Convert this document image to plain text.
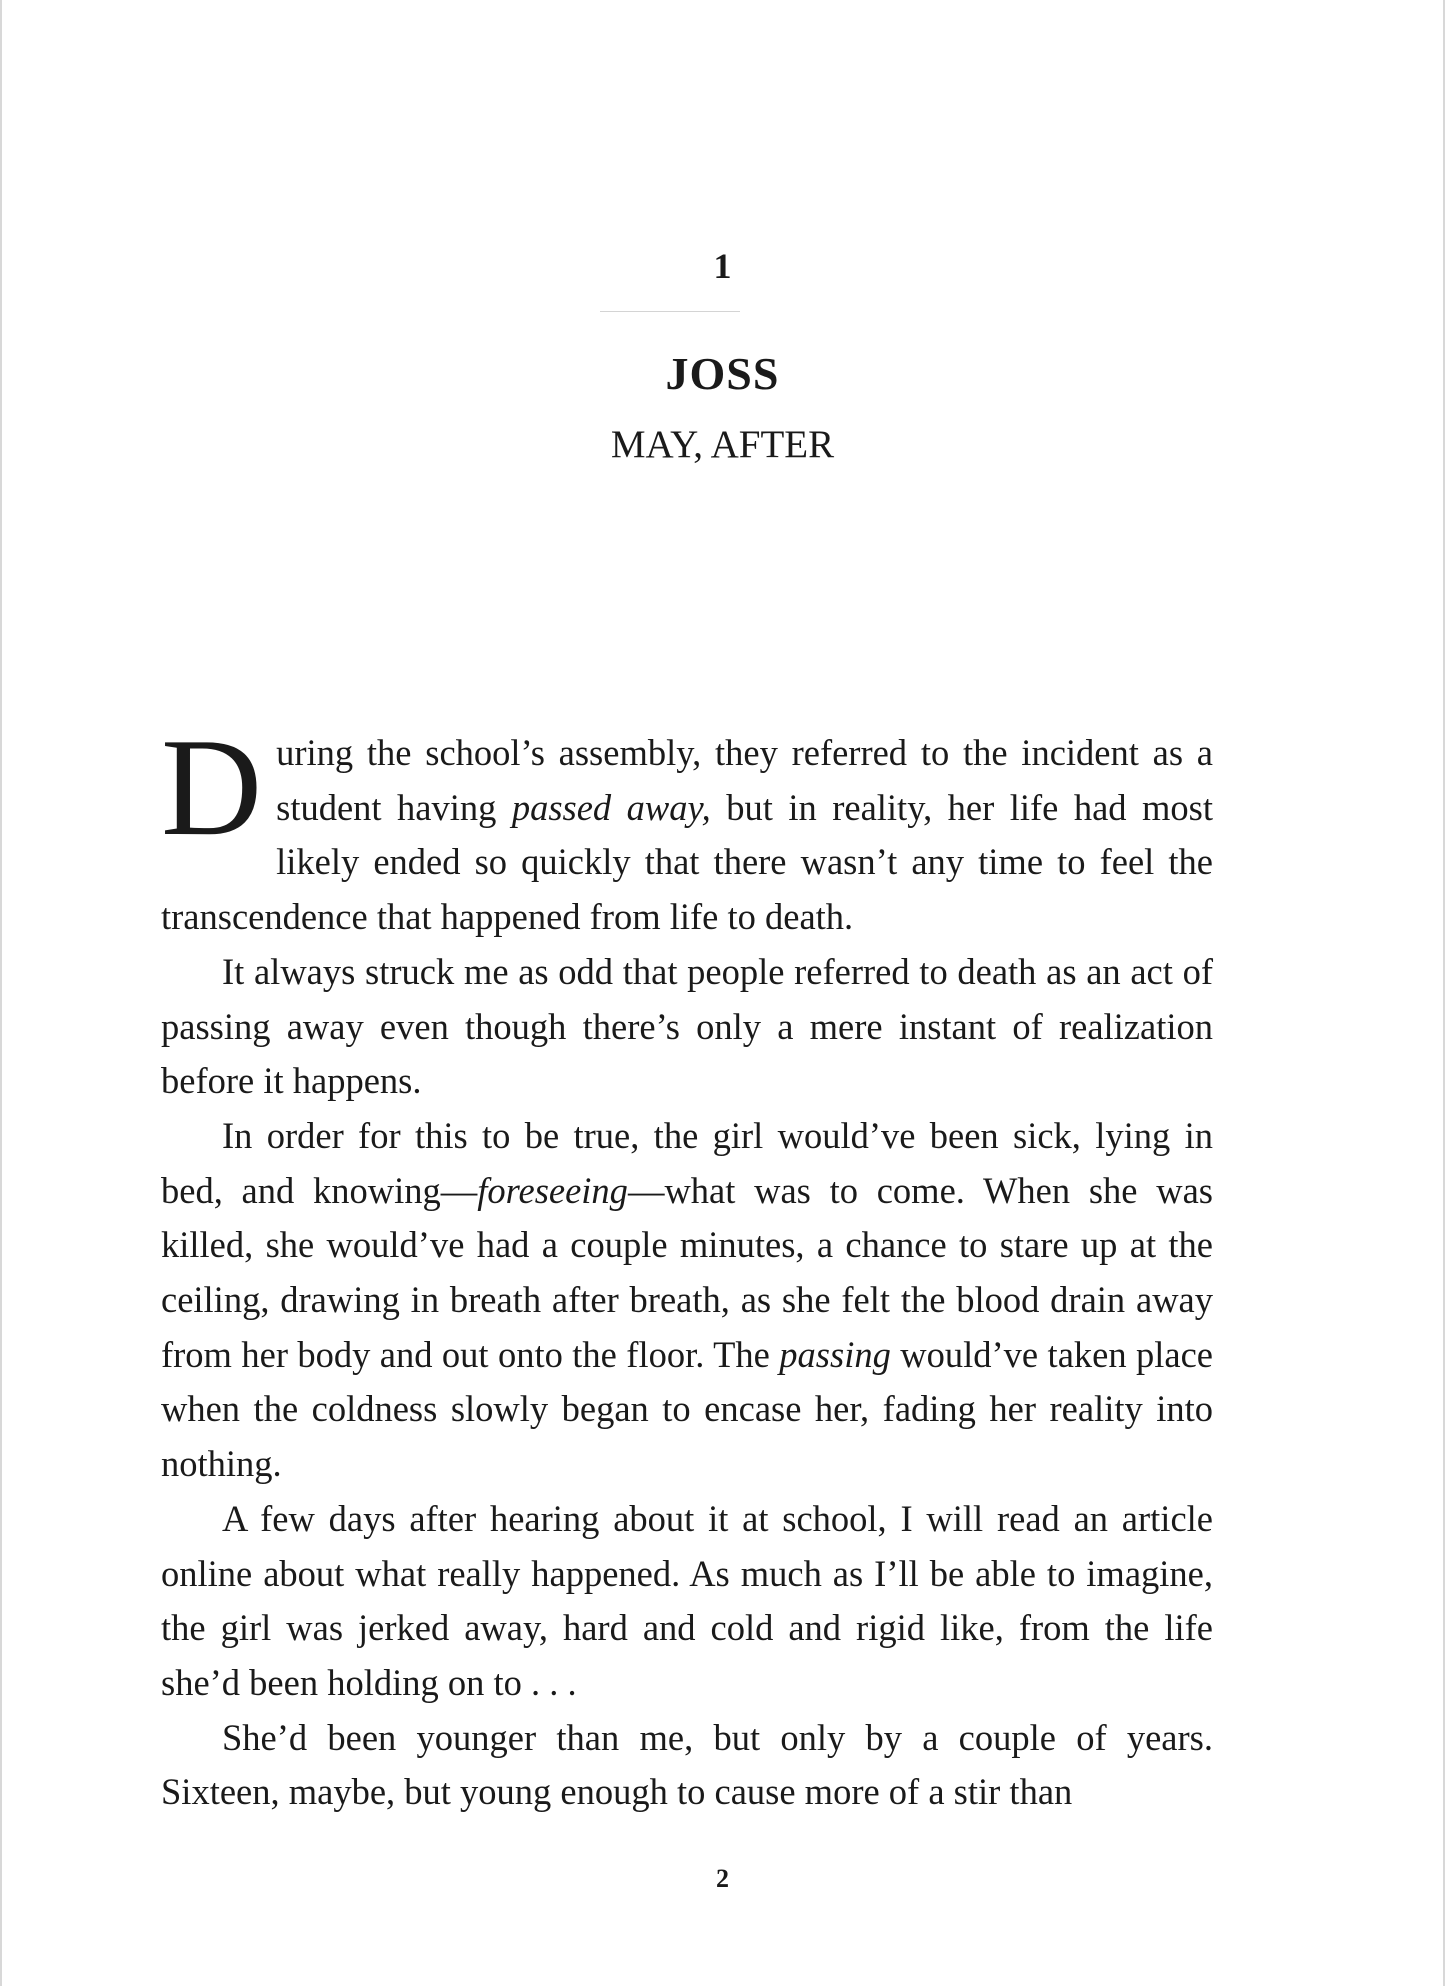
1
JOSS
MAY, AFTER

During the school’s assembly, they referred to the incident as a student having passed away, but in reality, her life had most likely ended so quickly that there wasn’t any time to feel the transcendence that happened from life to death.

It always struck me as odd that people referred to death as an act of passing away even though there’s only a mere instant of realization before it happens.

In order for this to be true, the girl would’ve been sick, lying in bed, and knowing—foreseeing—what was to come. When she was killed, she would’ve had a couple minutes, a chance to stare up at the ceiling, drawing in breath after breath, as she felt the blood drain away from her body and out onto the floor. The passing would’ve taken place when the coldness slowly began to encase her, fading her reality into nothing.

A few days after hearing about it at school, I will read an article online about what really happened. As much as I’ll be able to imagine, the girl was jerked away, hard and cold and rigid like, from the life she’d been holding on to . . .

She’d been younger than me, but only by a couple of years. Sixteen, maybe, but young enough to cause more of a stir than

2
